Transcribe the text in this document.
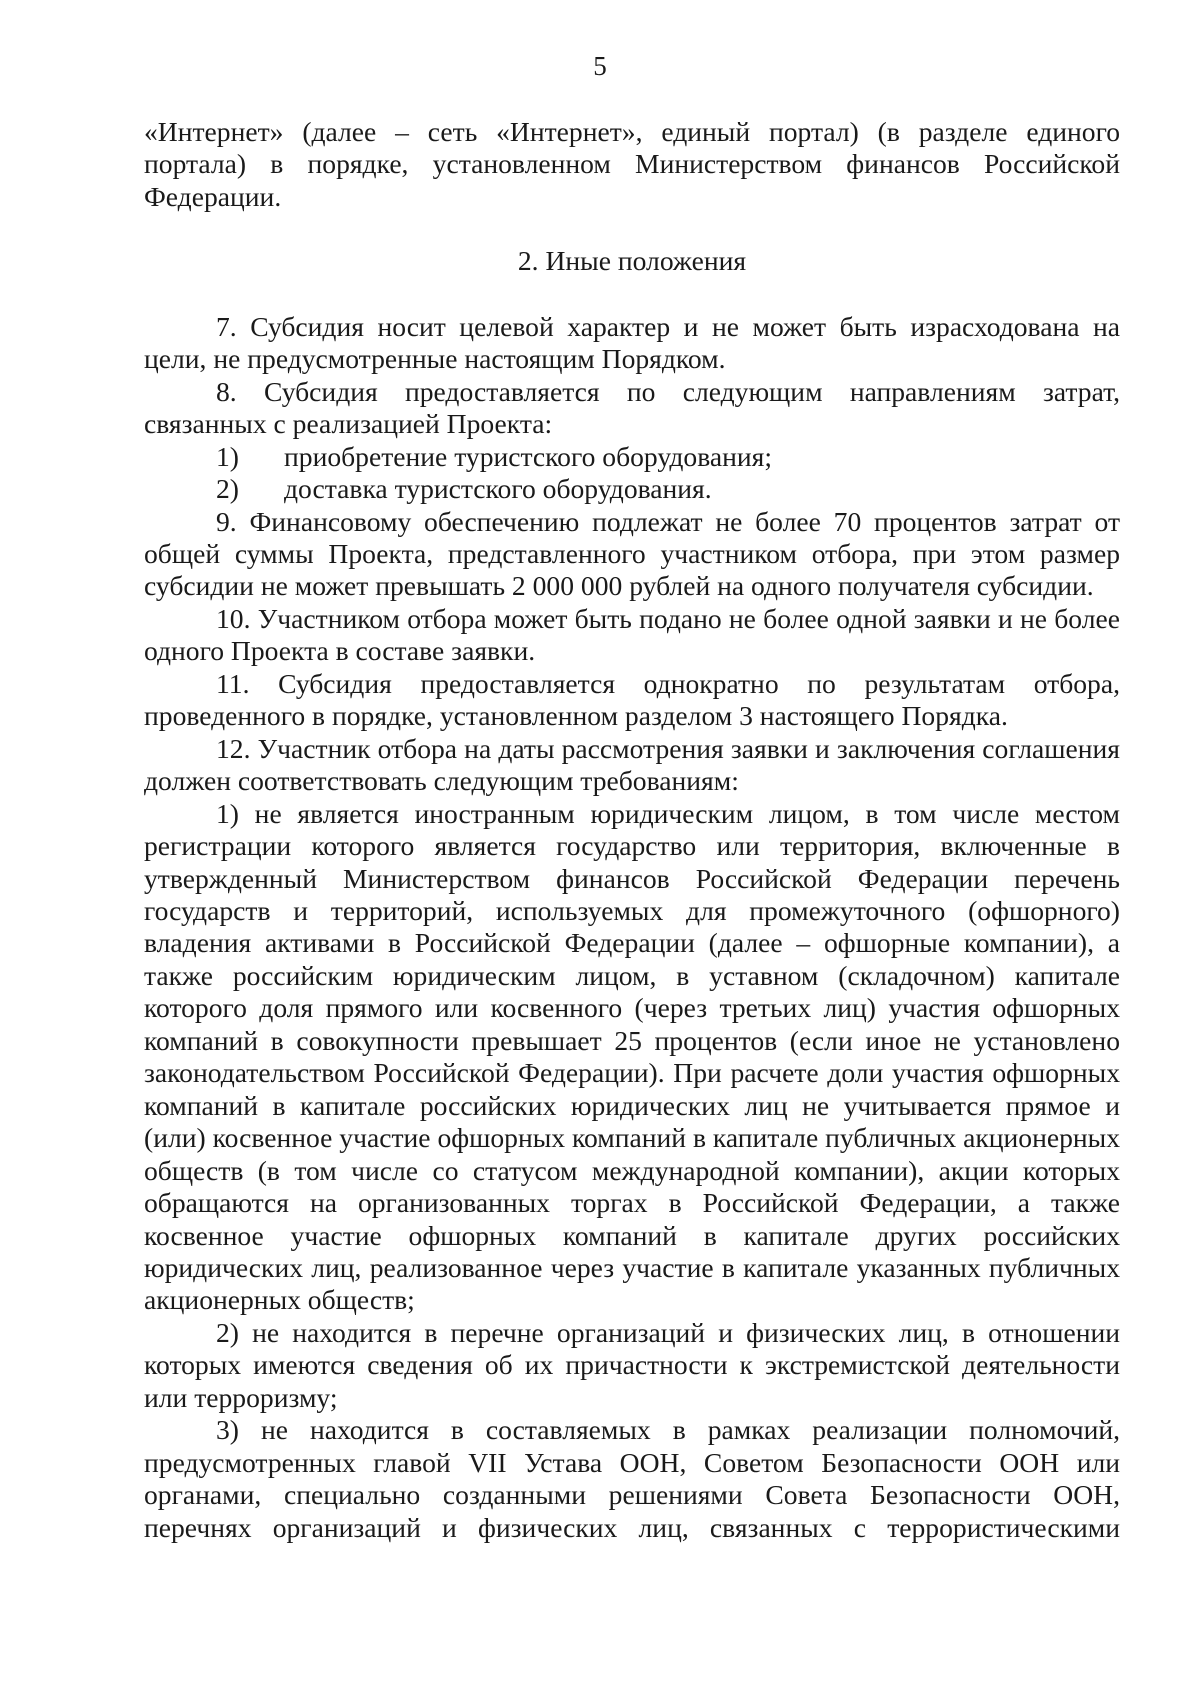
5

«Интернет» (далее – сеть «Интернет», единый портал) (в разделе единого портала) в порядке, установленном Министерством финансов Российской Федерации.

2. Иные положения

7. Субсидия носит целевой характер и не может быть израсходована на цели, не предусмотренные настоящим Порядком.

8. Субсидия предоставляется по следующим направлениям затрат, связанных с реализацией Проекта:

1)	приобретение туристского оборудования;
2)	доставка туристского оборудования.

9. Финансовому обеспечению подлежат не более 70 процентов затрат от общей суммы Проекта, представленного участником отбора, при этом размер субсидии не может превышать 2 000 000 рублей на одного получателя субсидии.

10. Участником отбора может быть подано не более одной заявки и не более одного Проекта в составе заявки.

11. Субсидия предоставляется однократно по результатам отбора, проведенного в порядке, установленном разделом 3 настоящего Порядка.

12. Участник отбора на даты рассмотрения заявки и заключения соглашения должен соответствовать следующим требованиям:

1) не является иностранным юридическим лицом, в том числе местом регистрации которого является государство или территория, включенные в утвержденный Министерством финансов Российской Федерации перечень государств и территорий, используемых для промежуточного (офшорного) владения активами в Российской Федерации (далее – офшорные компании), а также российским юридическим лицом, в уставном (складочном) капитале которого доля прямого или косвенного (через третьих лиц) участия офшорных компаний в совокупности превышает 25 процентов (если иное не установлено законодательством Российской Федерации). При расчете доли участия офшорных компаний в капитале российских юридических лиц не учитывается прямое и (или) косвенное участие офшорных компаний в капитале публичных акционерных обществ (в том числе со статусом международной компании), акции которых обращаются на организованных торгах в Российской Федерации, а также косвенное участие офшорных компаний в капитале других российских юридических лиц, реализованное через участие в капитале указанных публичных акционерных обществ;

2) не находится в перечне организаций и физических лиц, в отношении которых имеются сведения об их причастности к экстремистской деятельности или терроризму;

3) не находится в составляемых в рамках реализации полномочий, предусмотренных главой VII Устава ООН, Советом Безопасности ООН или органами, специально созданными решениями Совета Безопасности ООН, перечнях организаций и физических лиц, связанных с террористическими
